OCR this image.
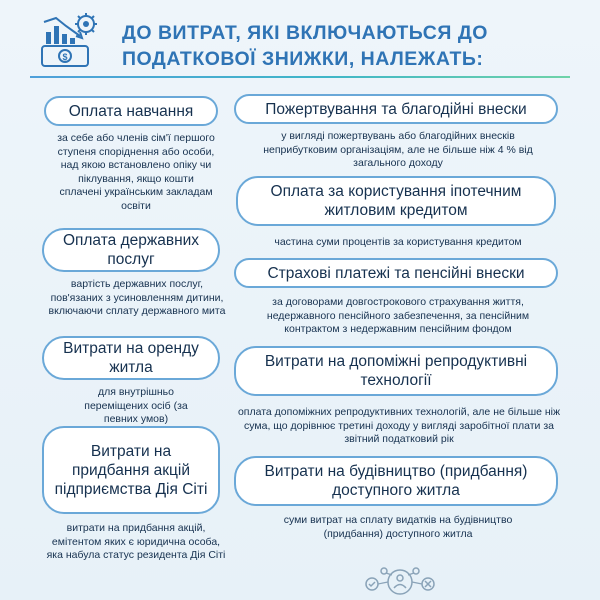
$
ДО ВИТРАТ, ЯКІ ВКЛЮЧАЮТЬСЯ ДО ПОДАТКОВОЇ ЗНИЖКИ, НАЛЕЖАТЬ:
Оплата навчання
за себе або членів сім'ї першого ступеня споріднення або особи, над якою встановлено опіку чи піклування, якщо кошти сплачені українським закладам освіти
Оплата державних послуг
вартість державних послуг, пов'язаних з усиновленням дитини, включаючи сплату державного мита
Витрати на оренду житла
для внутрішньо переміщених осіб (за певних умов)
Витрати на придбання акцій підприємства Дія Сіті
витрати на придбання акцій, емітентом яких є юридична особа, яка набула статус резидента Дія Сіті
Пожертвування та благодійні внески
у вигляді пожертвувань або благодійних внесків неприбутковим організаціям, але не більше ніж 4 % від загального доходу
Оплата за користування іпотечним житловим кредитом
частина суми процентів за користування кредитом
Страхові платежі та пенсійні внески
за договорами довгострокового страхування життя, недержавного пенсійного забезпечення, за пенсійним контрактом з недержавним пенсійним фондом
Витрати на допоміжні репродуктивні технології
оплата допоміжних репродуктивних технологій, але не більше ніж сума, що дорівнює третині доходу у вигляді заробітної плати за звітний податковий рік
Витрати на будівництво (придбання) доступного житла
суми витрат на сплату видатків на будівництво (придбання) доступного житла
